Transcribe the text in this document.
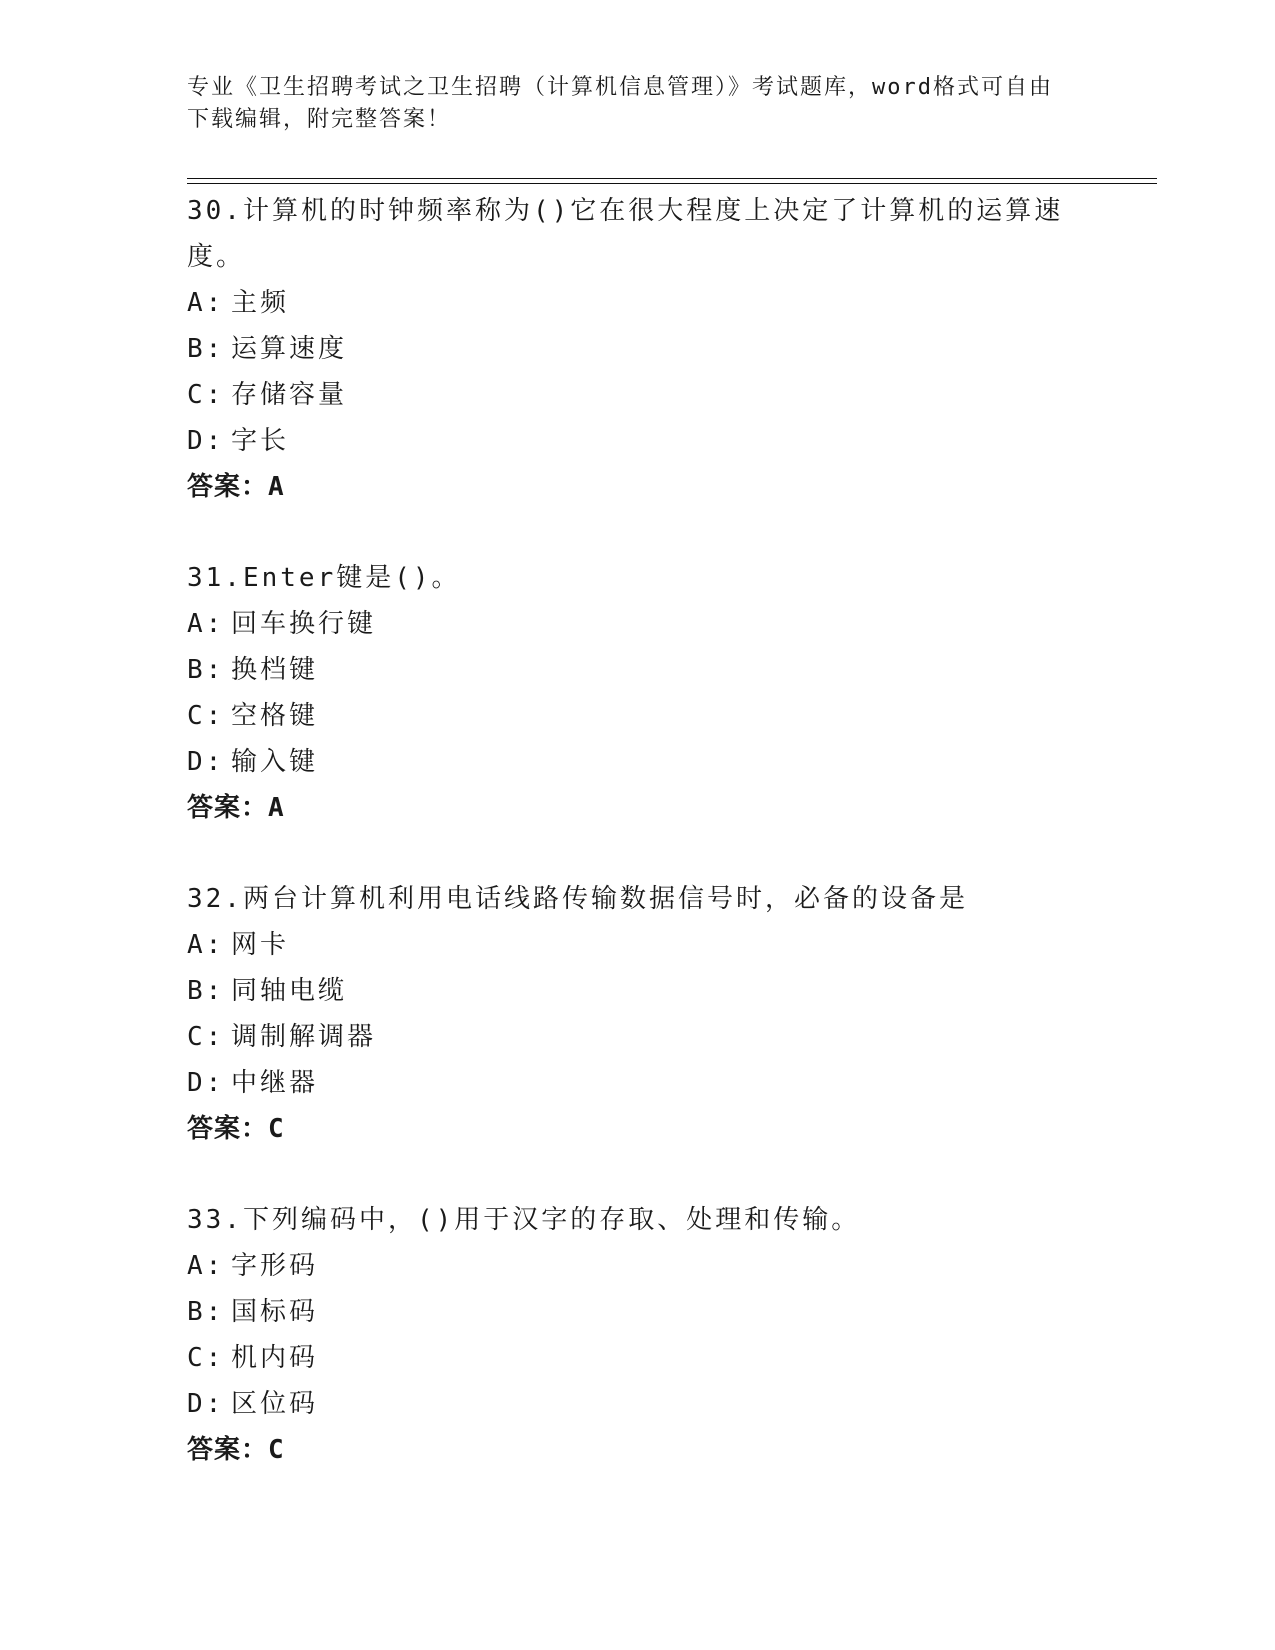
专业《卫生招聘考试之卫生招聘（计算机信息管理）》考试题库，word格式可自由下载编辑，附完整答案！

30.计算机的时钟频率称为()它在很大程度上决定了计算机的运算速度。

A: 主频

B: 运算速度

C: 存储容量

D: 字长

答案：A

31.Enter键是()。

A: 回车换行键

B: 换档键

C: 空格键

D: 输入键

答案：A

32.两台计算机利用电话线路传输数据信号时，必备的设备是

A: 网卡

B: 同轴电缆

C: 调制解调器

D: 中继器

答案：C

33.下列编码中，()用于汉字的存取、处理和传输。

A: 字形码

B: 国标码

C: 机内码

D: 区位码

答案：C
